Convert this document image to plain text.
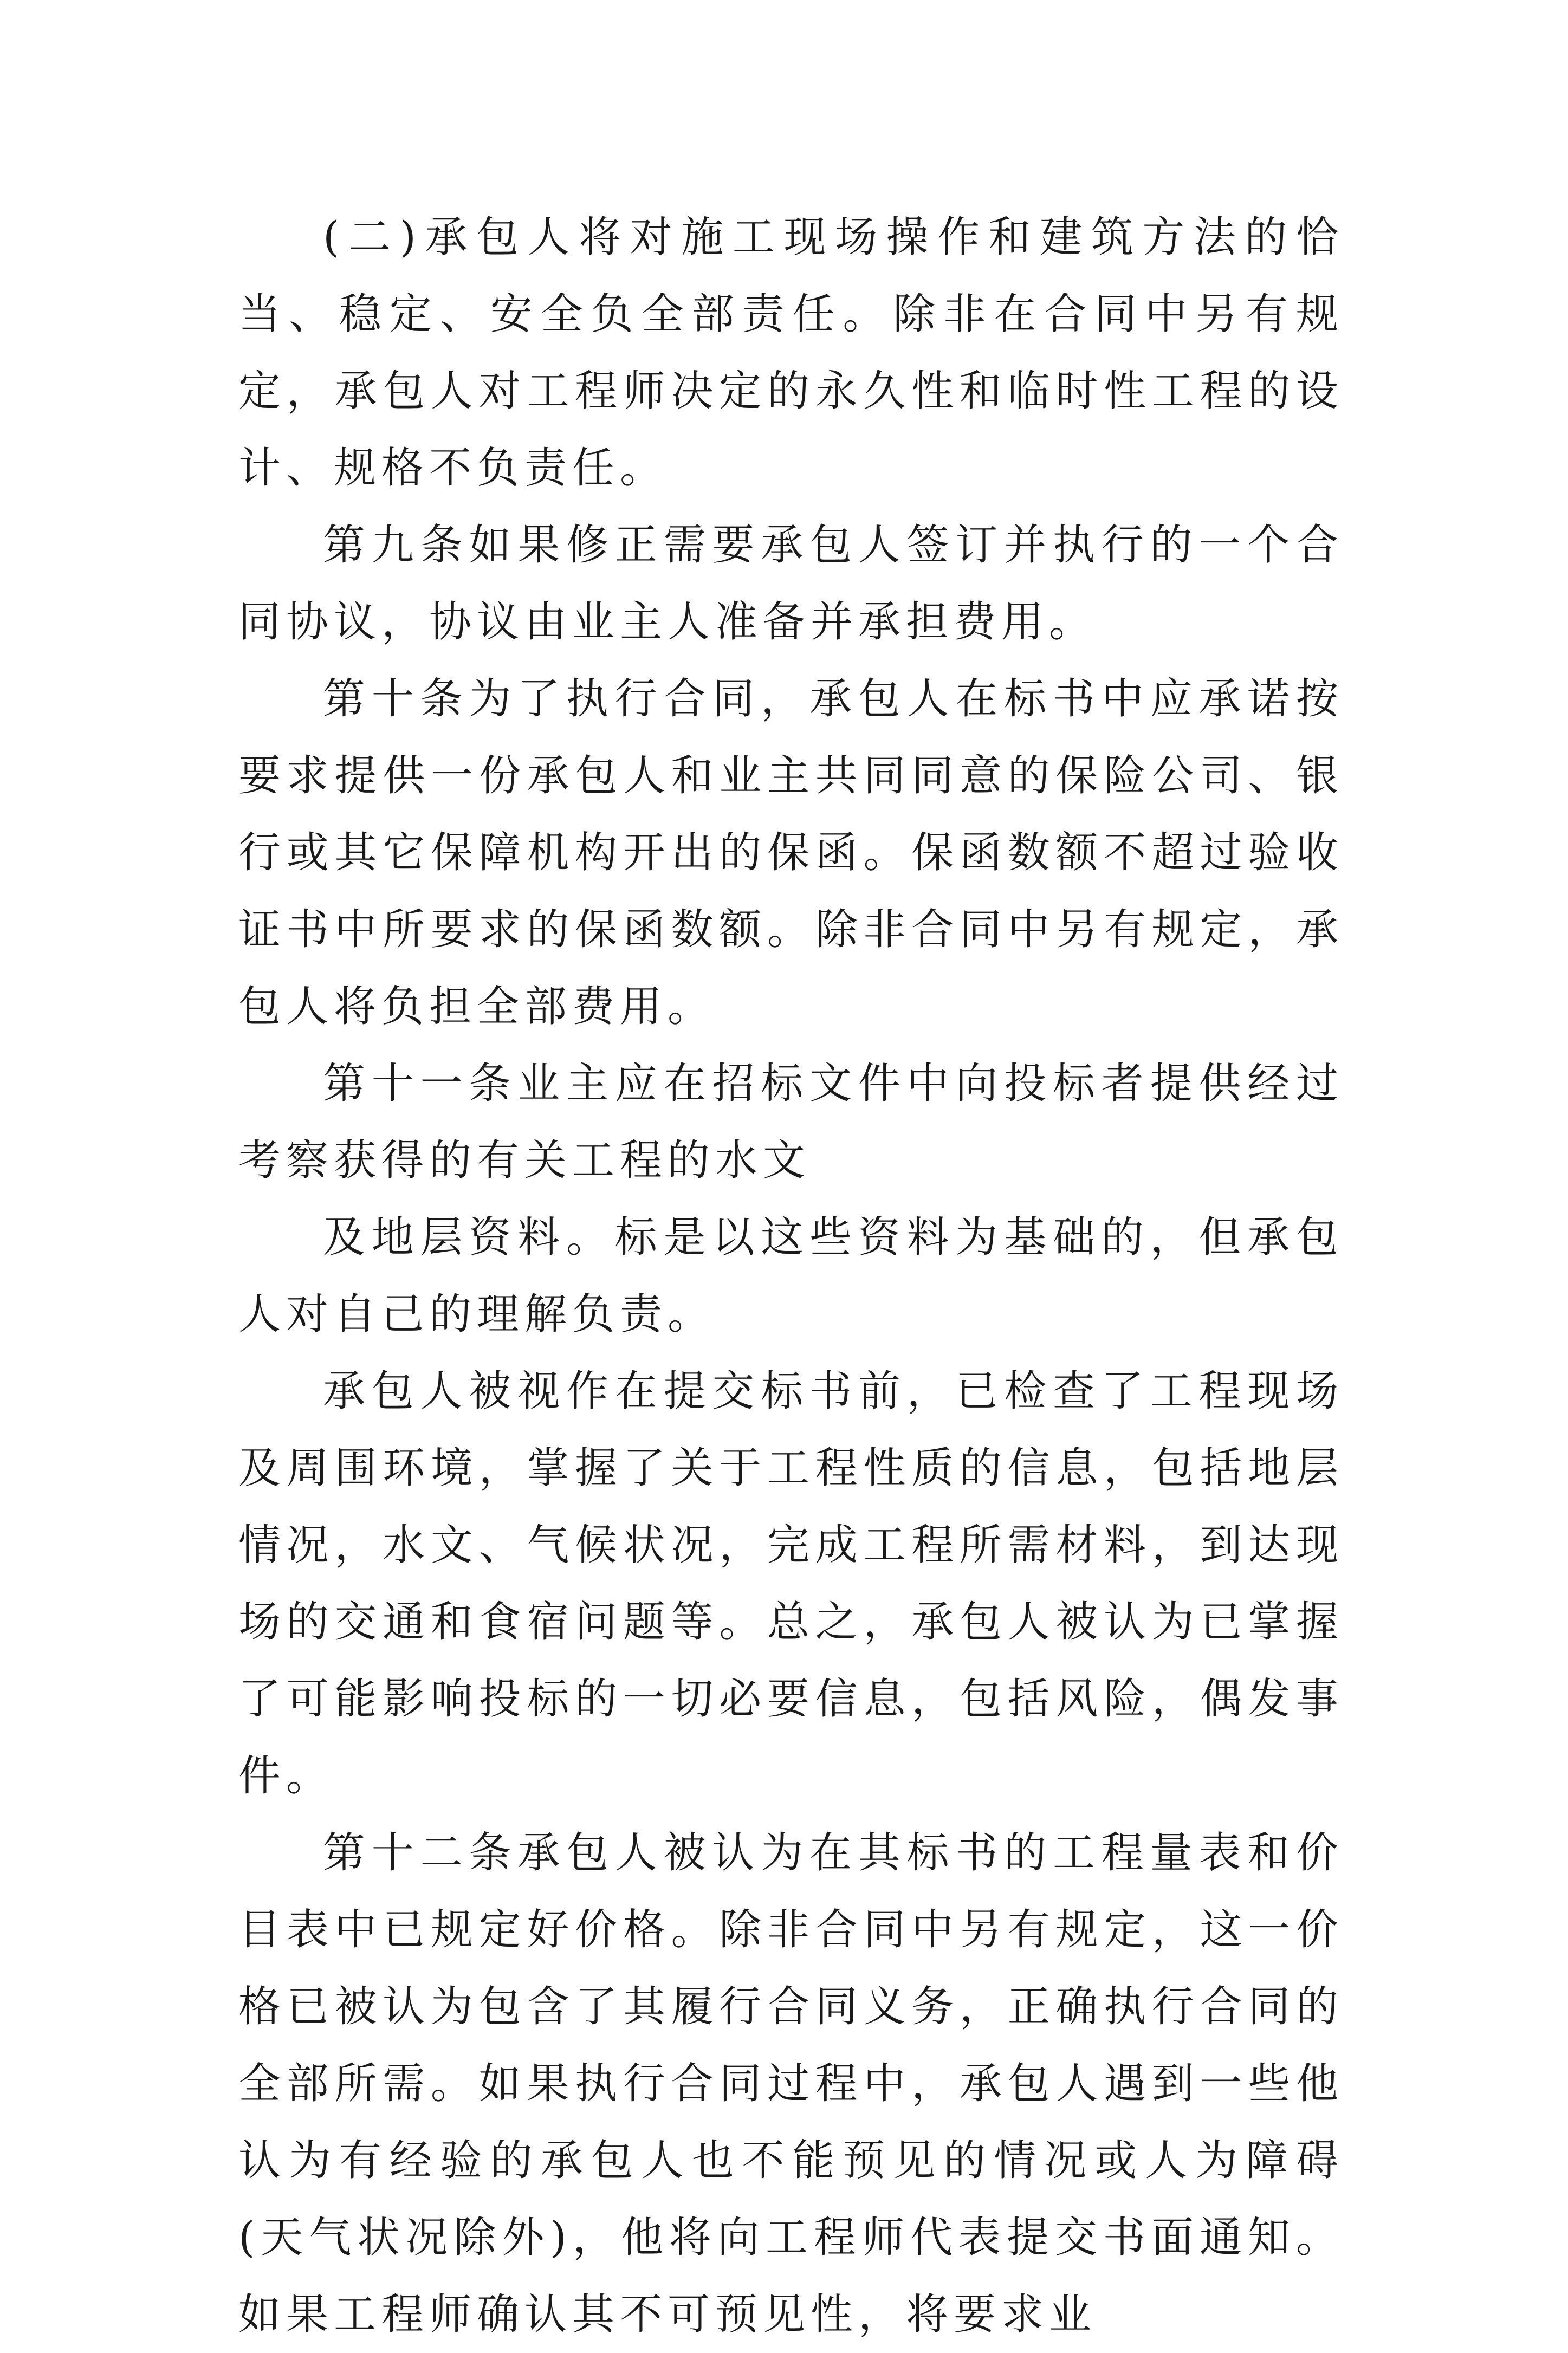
(二)承包人将对施工现场操作和建筑方法的恰当、稳定、安全负全部责任。除非在合同中另有规定，承包人对工程师决定的永久性和临时性工程的设计、规格不负责任。

第九条如果修正需要承包人签订并执行的一个合同协议，协议由业主人准备并承担费用。

第十条为了执行合同，承包人在标书中应承诺按要求提供一份承包人和业主共同同意的保险公司、银行或其它保障机构开出的保函。保函数额不超过验收证书中所要求的保函数额。除非合同中另有规定，承包人将负担全部费用。

第十一条业主应在招标文件中向投标者提供经过考察获得的有关工程的水文

及地层资料。标是以这些资料为基础的，但承包人对自己的理解负责。

承包人被视作在提交标书前，已检查了工程现场及周围环境，掌握了关于工程性质的信息，包括地层情况，水文、气候状况，完成工程所需材料，到达现场的交通和食宿问题等。总之，承包人被认为已掌握了可能影响投标的一切必要信息，包括风险，偶发事件。

第十二条承包人被认为在其标书的工程量表和价目表中已规定好价格。除非合同中另有规定，这一价格已被认为包含了其履行合同义务，正确执行合同的全部所需。如果执行合同过程中，承包人遇到一些他认为有经验的承包人也不能预见的情况或人为障碍(天气状况除外)，他将向工程师代表提交书面通知。如果工程师确认其不可预见性，将要求业
